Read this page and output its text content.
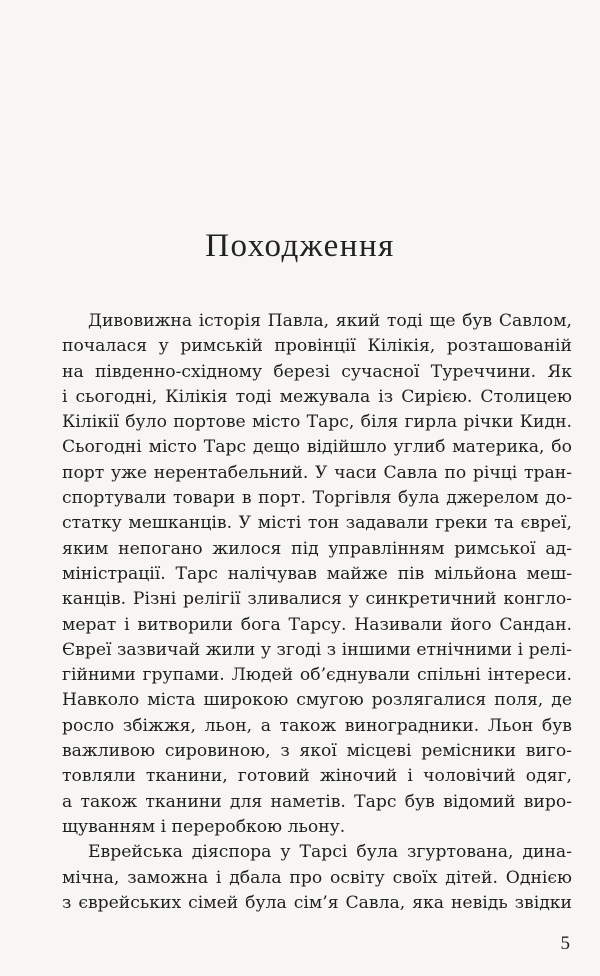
Походження
Дивовижна історія Павла, який тоді ще був Савлом,
почалася у римській провінції Кілікія, розташованій
на південно-східному березі сучасної Туреччини. Як
і сьогодні, Кілікія тоді межувала із Сирією. Столицею
Кілікії було портове місто Тарс, біля гирла річки Кидн.
Сьогодні місто Тарс дещо відійшло углиб материка, бо
порт уже нерентабельний. У часи Савла по річці тран-
спортували товари в порт. Торгівля була джерелом до-
статку мешканців. У місті тон задавали греки та євреї,
яким непогано жилося під управлінням римської ад-
міністрації. Тарс налічував майже пів мільйона меш-
канців. Різні релігії зливалися у синкретичний конгло-
мерат і витворили бога Тарсу. Називали його Сандан.
Євреї зазвичай жили у згоді з іншими етнічними і релі-
гійними групами. Людей об’єднували спільні інтереси.
Навколо міста широкою смугою розлягалися поля, де
росло збіжжя, льон, а також виноградники. Льон був
важливою сировиною, з якої місцеві ремісники виго-
товляли тканини, готовий жіночий і чоловічий одяг,
а також тканини для наметів. Тарс був відомий виро-
щуванням і переробкою льону.
Еврейська діяспора у Тарсі була згуртована, дина-
мічна, заможна і дбала про освіту своїх дітей. Однією
з єврейських сімей була сім’я Савла, яка невідь звідки
5
